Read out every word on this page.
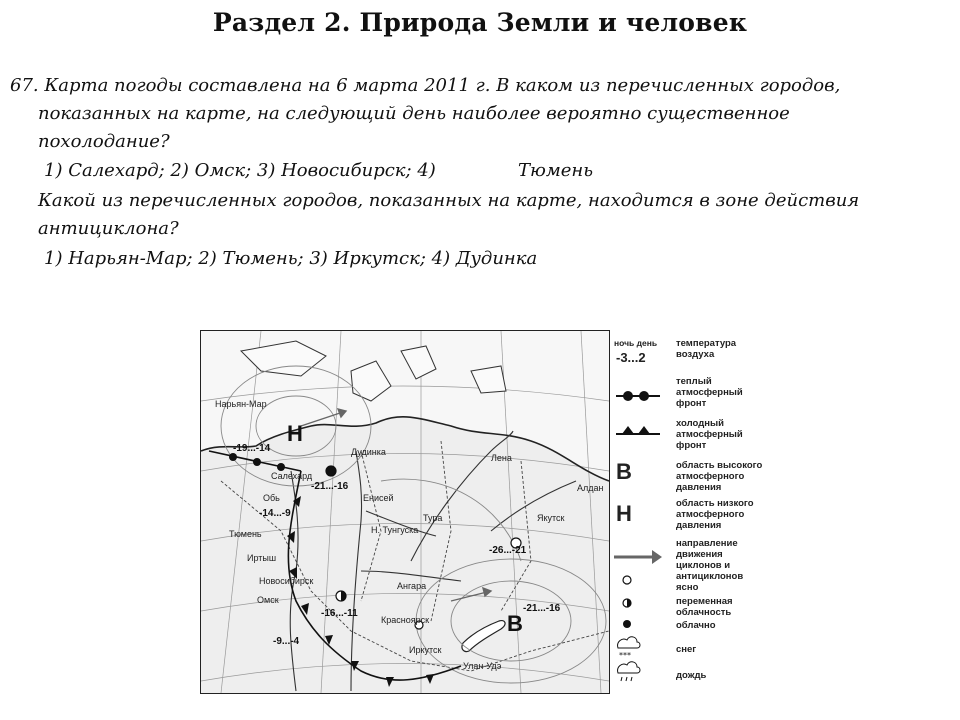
Раздел 2. Природа Земли и человек
67. Карта погоды составлена на 6 марта 2011 г. В каком из перечисленных городов,
показанных на карте, на следующий день наиболее вероятно существенное
похолодание?
1) Салехард; 2) Омск; 3) Новосибирск; 4)	Тюмень
Какой из перечисленных городов, показанных на карте, находится в зоне действия
антициклона?
1) Нарьян-Мар; 2) Тюмень; 3) Иркутск; 4) Дудинка
Н
В
-19...-14
-21...-16
-14...-9
-26...-21
-16...-11	-21...-16
-9...-4
Нарьян-Мар
Дудинка
Салехард
Тура	Якутск
Тюмень
Новосибирск
Омск
Красноярск
Иркутск
Улан-Удэ
Обь	Енисей
Лена
Алдан
Ангара
Н. Тунгуска
Иртыш
***
ночь день
-3...2
температура воздуха
теплый атмосферный фронт
холодный атмосферный фронт
В	область высокого атмосферного давления
Н	область низкого атмосферного давления
направление движения циклонов и антициклонов
ясно
переменная облачность
облачно
снег
дождь
